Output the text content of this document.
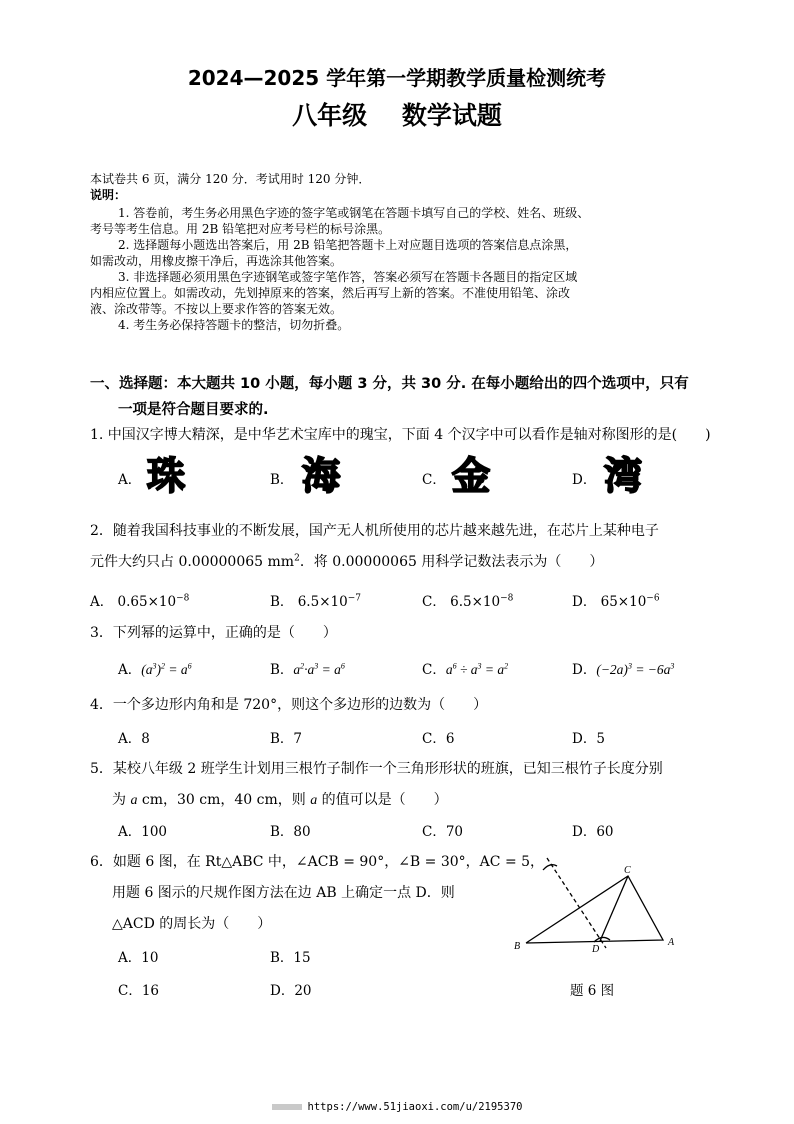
2024—2025 学年第一学期教学质量检测统考
八年级    数学试题
本试卷共 6 页，满分 120 分．考试用时 120 分钟．
说明：
1. 答卷前，考生务必用黑色字迹的签字笔或钢笔在答题卡填写自己的学校、姓名、班级、
考号等考生信息。用 2B 铅笔把对应考号栏的标号涂黑。
2. 选择题每小题选出答案后，用 2B 铅笔把答题卡上对应题目选项的答案信息点涂黑，
如需改动，用橡皮擦干净后，再选涂其他答案。
3. 非选择题必须用黑色字迹钢笔或签字笔作答，答案必须写在答题卡各题目的指定区域
内相应位置上。如需改动，先划掉原来的答案，然后再写上新的答案。不准使用铅笔、涂改
液、涂改带等。不按以上要求作答的答案无效。
4. 考生务必保持答题卡的整洁，切勿折叠。
一、选择题：本大题共 10 小题，每小题 3 分，共 30 分. 在每小题给出的四个选项中，只有
一项是符合题目要求的.
1. 中国汉字博大精深，是中华艺术宝库中的瑰宝，下面 4 个汉字中可以看作是轴对称图形的是(　　)
A． 珠	B． 海	C． 金	D． 湾
2．随着我国科技事业的不断发展，国产无人机所使用的芯片越来越先进，在芯片上某种电子
元件大约只占 0.00000065 $mm^2$．将 0.00000065 用科学记数法表示为（　　）
A． $0.65\times 10^{-8}$	B． $6.5\times 10^{-7}$	C． $6.5\times 10^{-8}$	D． $65\times 10^{-6}$
3．下列幂的运算中，正确的是（　　）
A．$(a^3)^2 = a^6$	B．$a^2\cdot a^3 = a^6$	C．$a^6 \div a^3 = a^2$	D．$(-2a)^3 = -6a^3$
4．一个多边形内角和是 720°，则这个多边形的边数为（　　）
A．8	B．7	C．6	D．5
5．某校八年级 2 班学生计划用三根竹子制作一个三角形形状的班旗，已知三根竹子长度分别
为 a cm，30 cm，40 cm，则 a 的值可以是（　　）
A．100	B．80	C．70	D．60
6．如题 6 图，在 Rt△ABC 中，∠ACB = 90°，∠B = 30°，AC = 5，
用题 6 图示的尺规作图方法在边 AB 上确定一点 D．则
△ACD 的周长为（　　）
A．10	B．15
C．16	D．20
C
B	A
D
题 6 图
https://www.51jiaoxi.com/u/2195370
